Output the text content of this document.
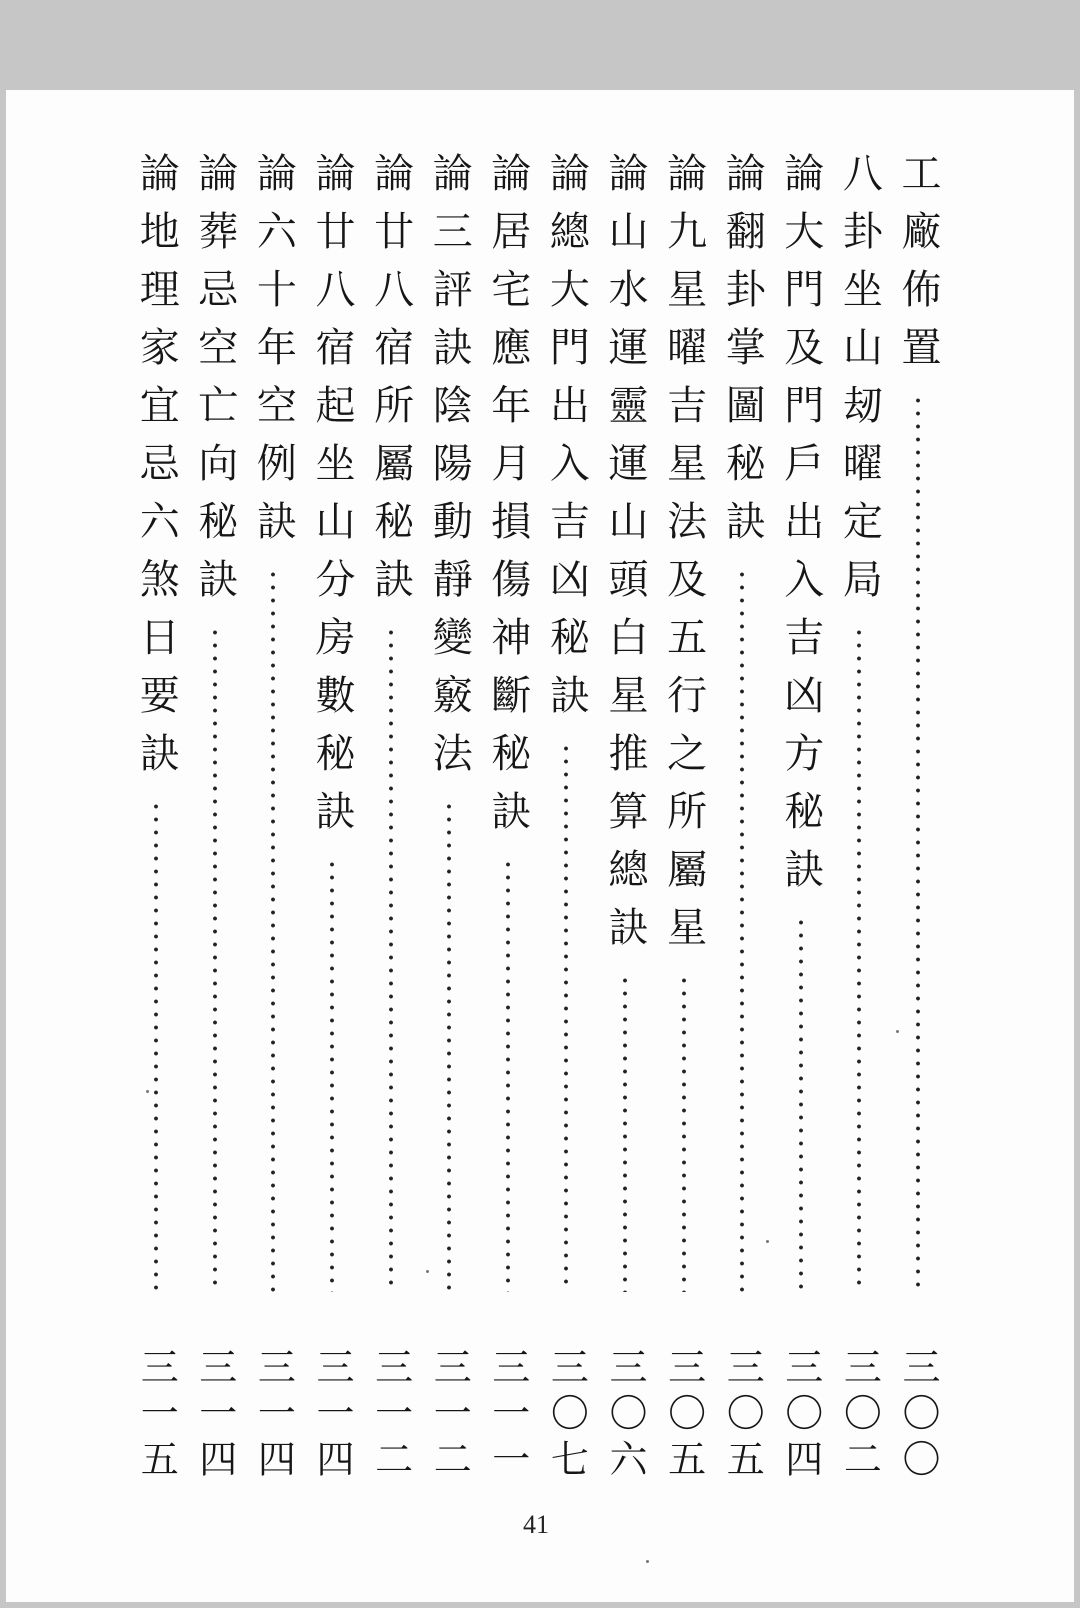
工廠佈置
三〇〇
八卦坐山刼曜定局
三〇二
論大門及門戶出入吉凶方秘訣
三〇四
論翻卦掌圖秘訣
三〇五
論九星曜吉星法及五行之所屬星
三〇五
論山水運靈運山頭白星推算總訣
三〇六
論總大門出入吉凶秘訣
三〇七
論居宅應年月損傷神斷秘訣
三一一
論三評訣陰陽動靜變竅法
三一二
論廿八宿所屬秘訣
三一二
論廿八宿起坐山分房數秘訣
三一四
論六十年空例訣
三一四
論葬忌空亡向秘訣
三一四
論地理家宜忌六煞日要訣
三一五
41
